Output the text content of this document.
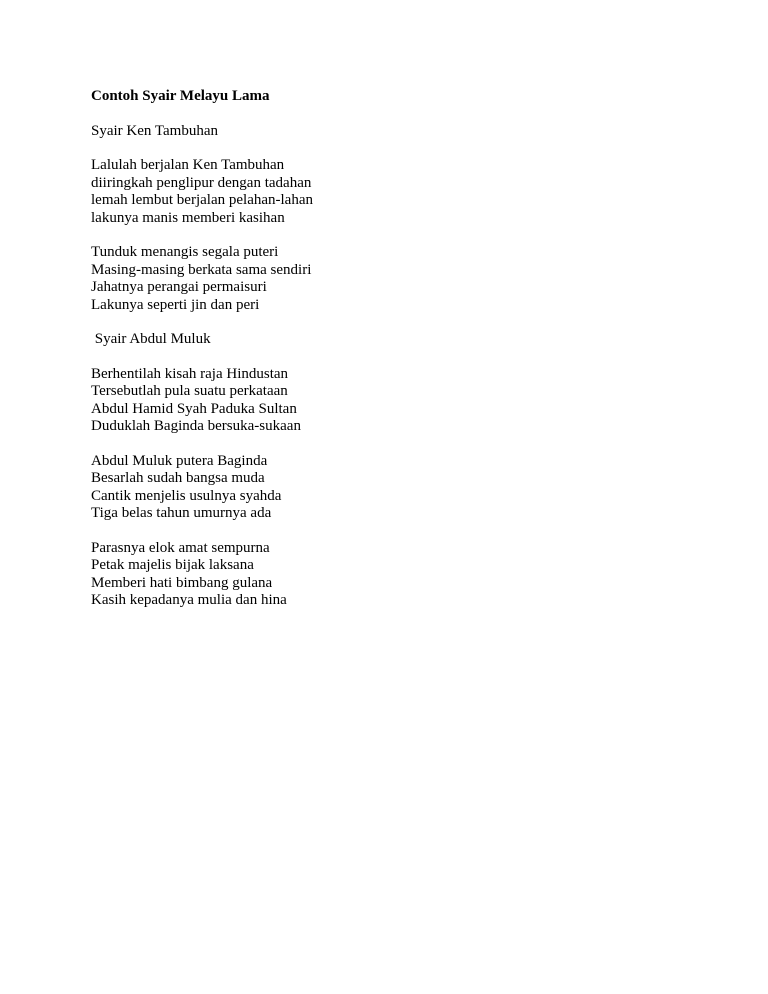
Contoh Syair Melayu Lama
Syair Ken Tambuhan
Lalulah berjalan Ken Tambuhan
diiringkah penglipur dengan tadahan
lemah lembut berjalan pelahan-lahan
lakunya manis memberi kasihan
Tunduk menangis segala puteri
Masing-masing berkata sama sendiri
Jahatnya perangai permaisuri
Lakunya seperti jin dan peri
Syair Abdul Muluk
Berhentilah kisah raja Hindustan
Tersebutlah pula suatu perkataan
Abdul Hamid Syah Paduka Sultan
Duduklah Baginda bersuka-sukaan
Abdul Muluk putera Baginda
Besarlah sudah bangsa muda
Cantik menjelis usulnya syahda
Tiga belas tahun umurnya ada
Parasnya elok amat sempurna
Petak majelis bijak laksana
Memberi hati bimbang gulana
Kasih kepadanya mulia dan hina
